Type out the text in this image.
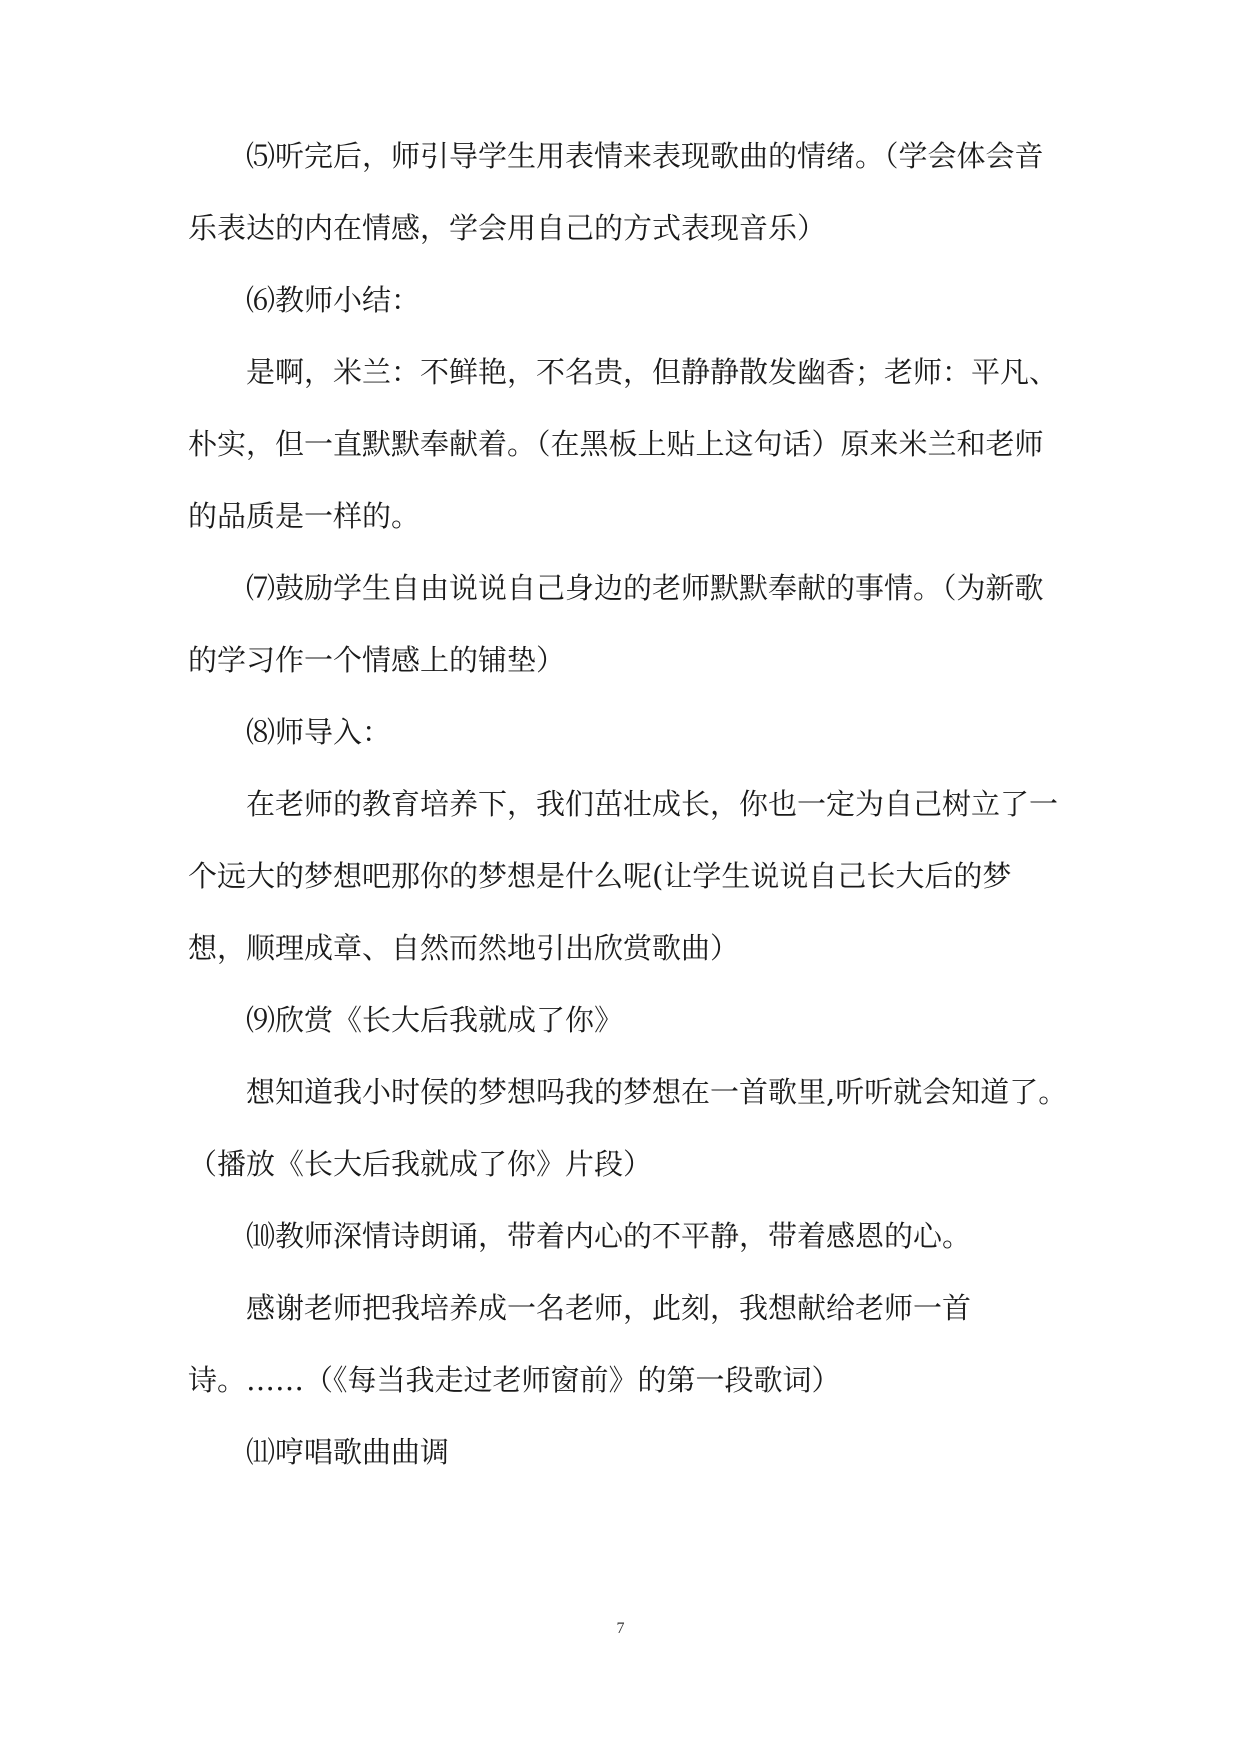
⑸听完后，师引导学生用表情来表现歌曲的情绪。（学会体会音乐表达的内在情感，学会用自己的方式表现音乐）

⑹教师小结：

是啊，米兰：不鲜艳，不名贵，但静静散发幽香；老师：平凡、朴实，但一直默默奉献着。（在黑板上贴上这句话）原来米兰和老师的品质是一样的。

⑺鼓励学生自由说说自己身边的老师默默奉献的事情。（为新歌的学习作一个情感上的铺垫）

⑻师导入：

在老师的教育培养下，我们茁壮成长，你也一定为自己树立了一个远大的梦想吧那你的梦想是什么呢(让学生说说自己长大后的梦想，顺理成章、自然而然地引出欣赏歌曲）

⑼欣赏《长大后我就成了你》

想知道我小时侯的梦想吗我的梦想在一首歌里,听听就会知道了。（播放《长大后我就成了你》片段）

⑽教师深情诗朗诵，带着内心的不平静，带着感恩的心。

感谢老师把我培养成一名老师，此刻，我想献给老师一首诗。……（《每当我走过老师窗前》的第一段歌词）

⑾哼唱歌曲曲调

7
